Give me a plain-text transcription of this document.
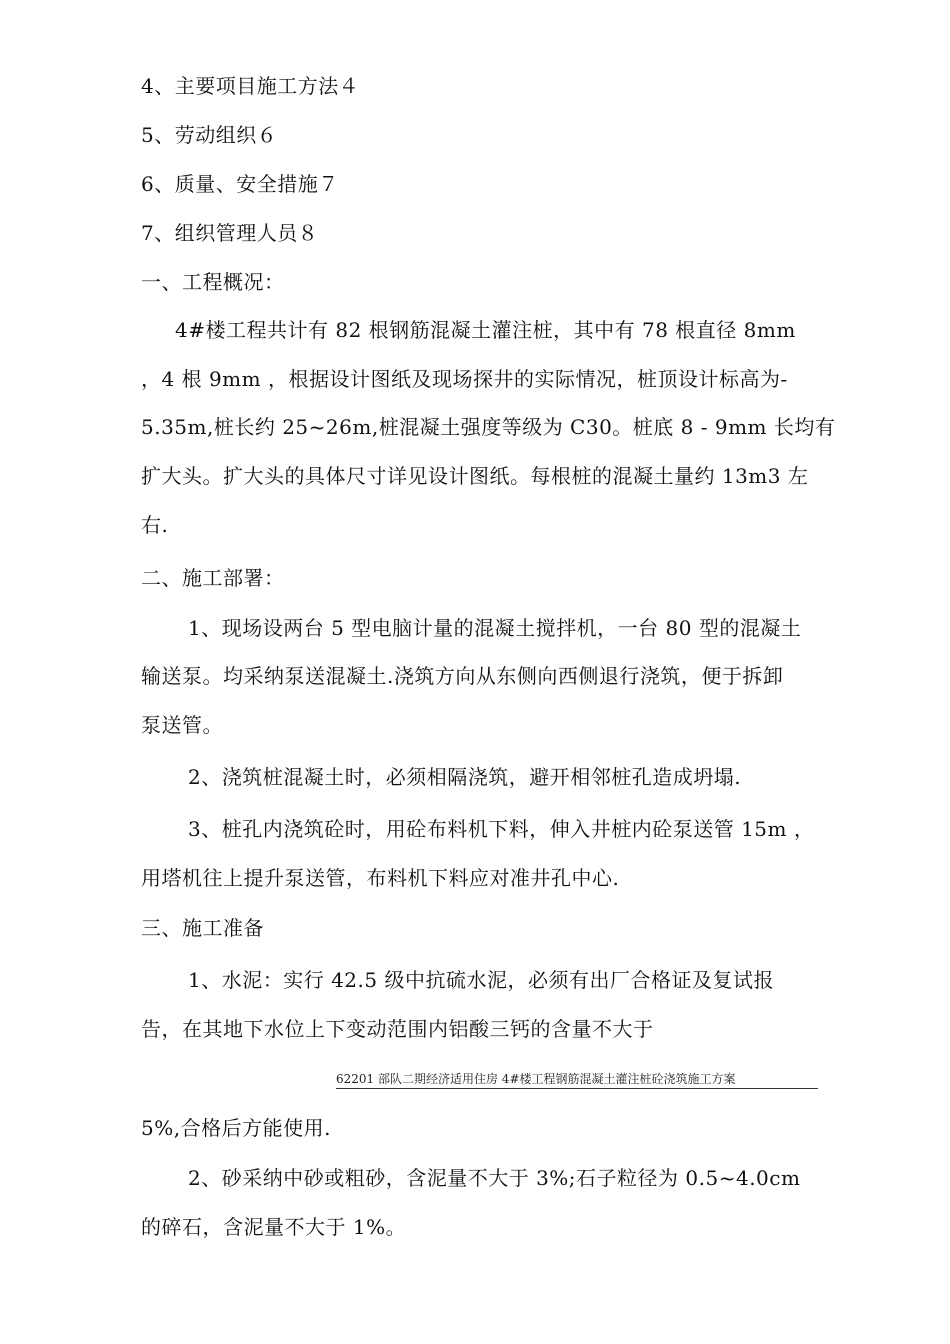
4、主要项目施工方法４
5、劳动组织６
6、质量、安全措施７
7、组织管理人员８
一、工程概况：
4#楼工程共计有 82 根钢筋混凝土灌注桩，其中有 78 根直径 8mm
，4 根 9mm ，根据设计图纸及现场探井的实际情况，桩顶设计标高为-
5.35m,桩长约 25~26m,桩混凝土强度等级为 C30。桩底 8 - 9mm 长均有
扩大头。扩大头的具体尺寸详见设计图纸。每根桩的混凝土量约 13m3 左
右.
二、施工部署：
1、现场设两台 5 型电脑计量的混凝土搅拌机，一台 80 型的混凝土
输送泵。均采纳泵送混凝土.浇筑方向从东侧向西侧退行浇筑，便于拆卸
泵送管。
2、浇筑桩混凝土时，必须相隔浇筑，避开相邻桩孔造成坍塌.
3、桩孔内浇筑砼时，用砼布料机下料，伸入井桩内砼泵送管 15m ，
用塔机往上提升泵送管，布料机下料应对准井孔中心.
三、施工准备
1、水泥：实行 42.5 级中抗硫水泥，必须有出厂合格证及复试报
告，在其地下水位上下变动范围内铝酸三钙的含量不大于
62201 部队二期经济适用住房 4#楼工程钢筋混凝土灌注桩砼浇筑施工方案
5%,合格后方能使用.
2、砂采纳中砂或粗砂，含泥量不大于 3%;石子粒径为 0.5~4.0cm
的碎石，含泥量不大于 1%。
